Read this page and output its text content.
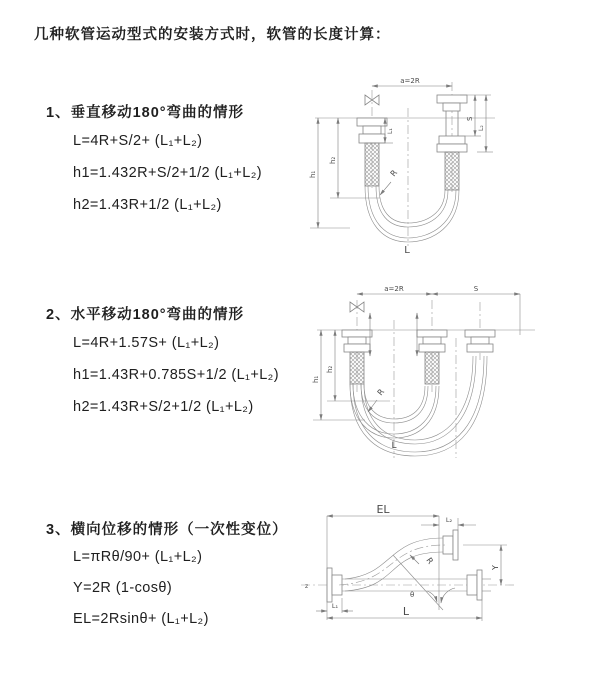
几种软管运动型式的安装方式时，软管的长度计算：
1、垂直移动180°弯曲的情形
L=4R+S/2+ (L₁+L₂)
h1=1.432R+S/2+1/2 (L₁+L₂)
h2=1.43R+1/2 (L₁+L₂)
2、水平移动180°弯曲的情形
L=4R+1.57S+ (L₁+L₂)
h1=1.43R+0.785S+1/2 (L₁+L₂)
h2=1.43R+S/2+1/2 (L₁+L₂)
3、横向位移的情形（一次性变位）
L=πRθ/90+ (L₁+L₂)
Y=2R (1-cosθ)
EL=2Rsinθ+ (L₁+L₂)
a=2R
R
h₁
h₂
L₁
S
L₂
L
a=2R	S
R
h₁
h₂
L
z
EL
L₂
Y
R
θ
L₁	L
